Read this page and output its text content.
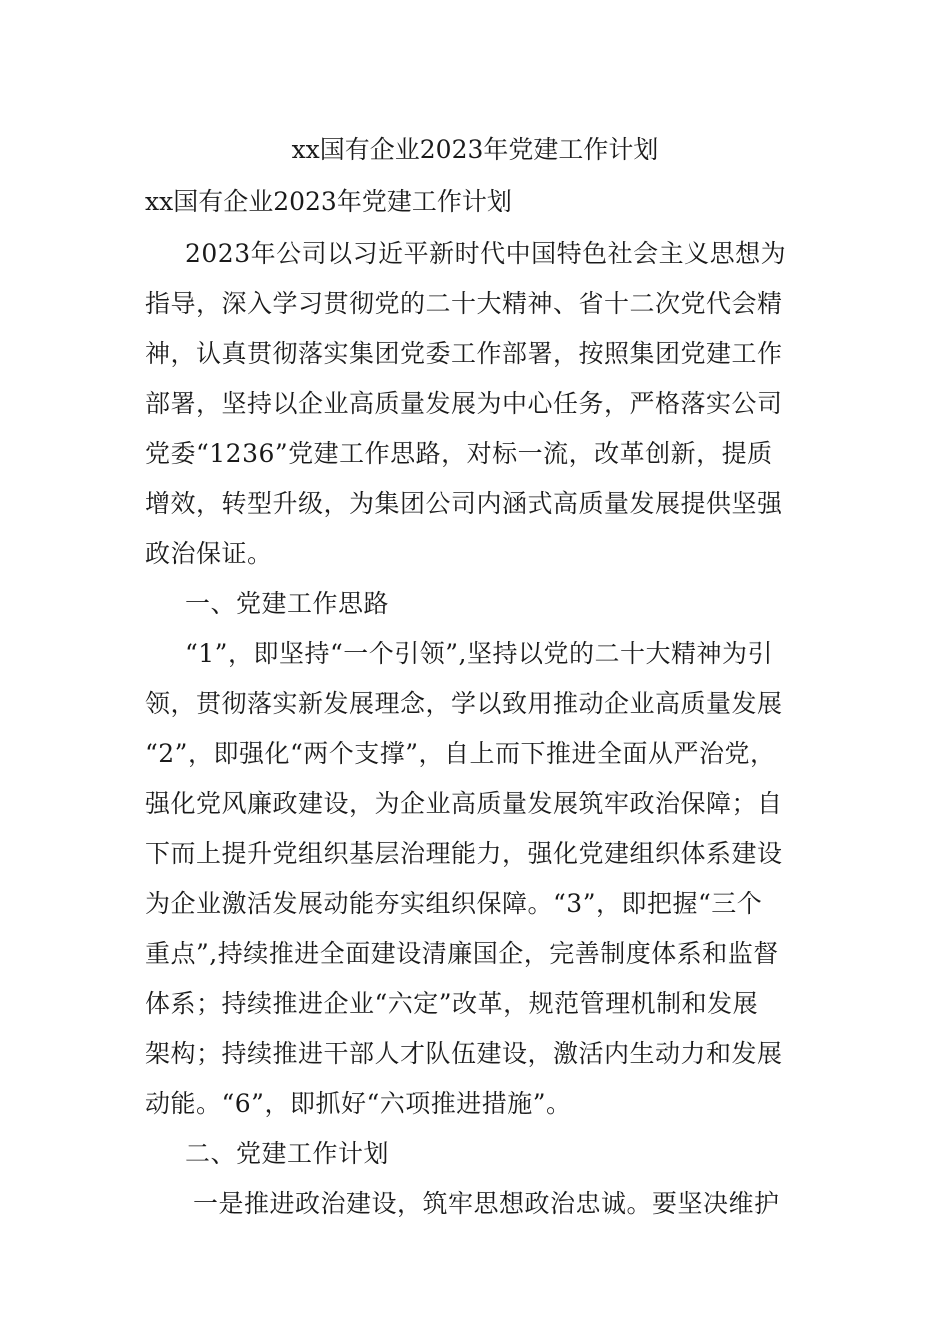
xx国有企业2023年党建工作计划
xx国有企业2023年党建工作计划
2023年公司以习近平新时代中国特色社会主义思想为
指导，深入学习贯彻党的二十大精神、省十二次党代会精
神，认真贯彻落实集团党委工作部署，按照集团党建工作
部署，坚持以企业高质量发展为中心任务，严格落实公司
党委“1236”党建工作思路，对标一流，改革创新，提质
增效，转型升级，为集团公司内涵式高质量发展提供坚强
政治保证。
一、党建工作思路
“1”，即坚持“一个引领”,坚持以党的二十大精神为引
领，贯彻落实新发展理念，学以致用推动企业高质量发展
“2”，即强化“两个支撑”，自上而下推进全面从严治党，
强化党风廉政建设，为企业高质量发展筑牢政治保障；自
下而上提升党组织基层治理能力，强化党建组织体系建设
为企业激活发展动能夯实组织保障。“3”，即把握“三个
重点”,持续推进全面建设清廉国企，完善制度体系和监督
体系；持续推进企业“六定”改革，规范管理机制和发展
架构；持续推进干部人才队伍建设，激活内生动力和发展
动能。“6”，即抓好“六项推进措施”。
二、党建工作计划
一是推进政治建设，筑牢思想政治忠诚。要坚决维护
